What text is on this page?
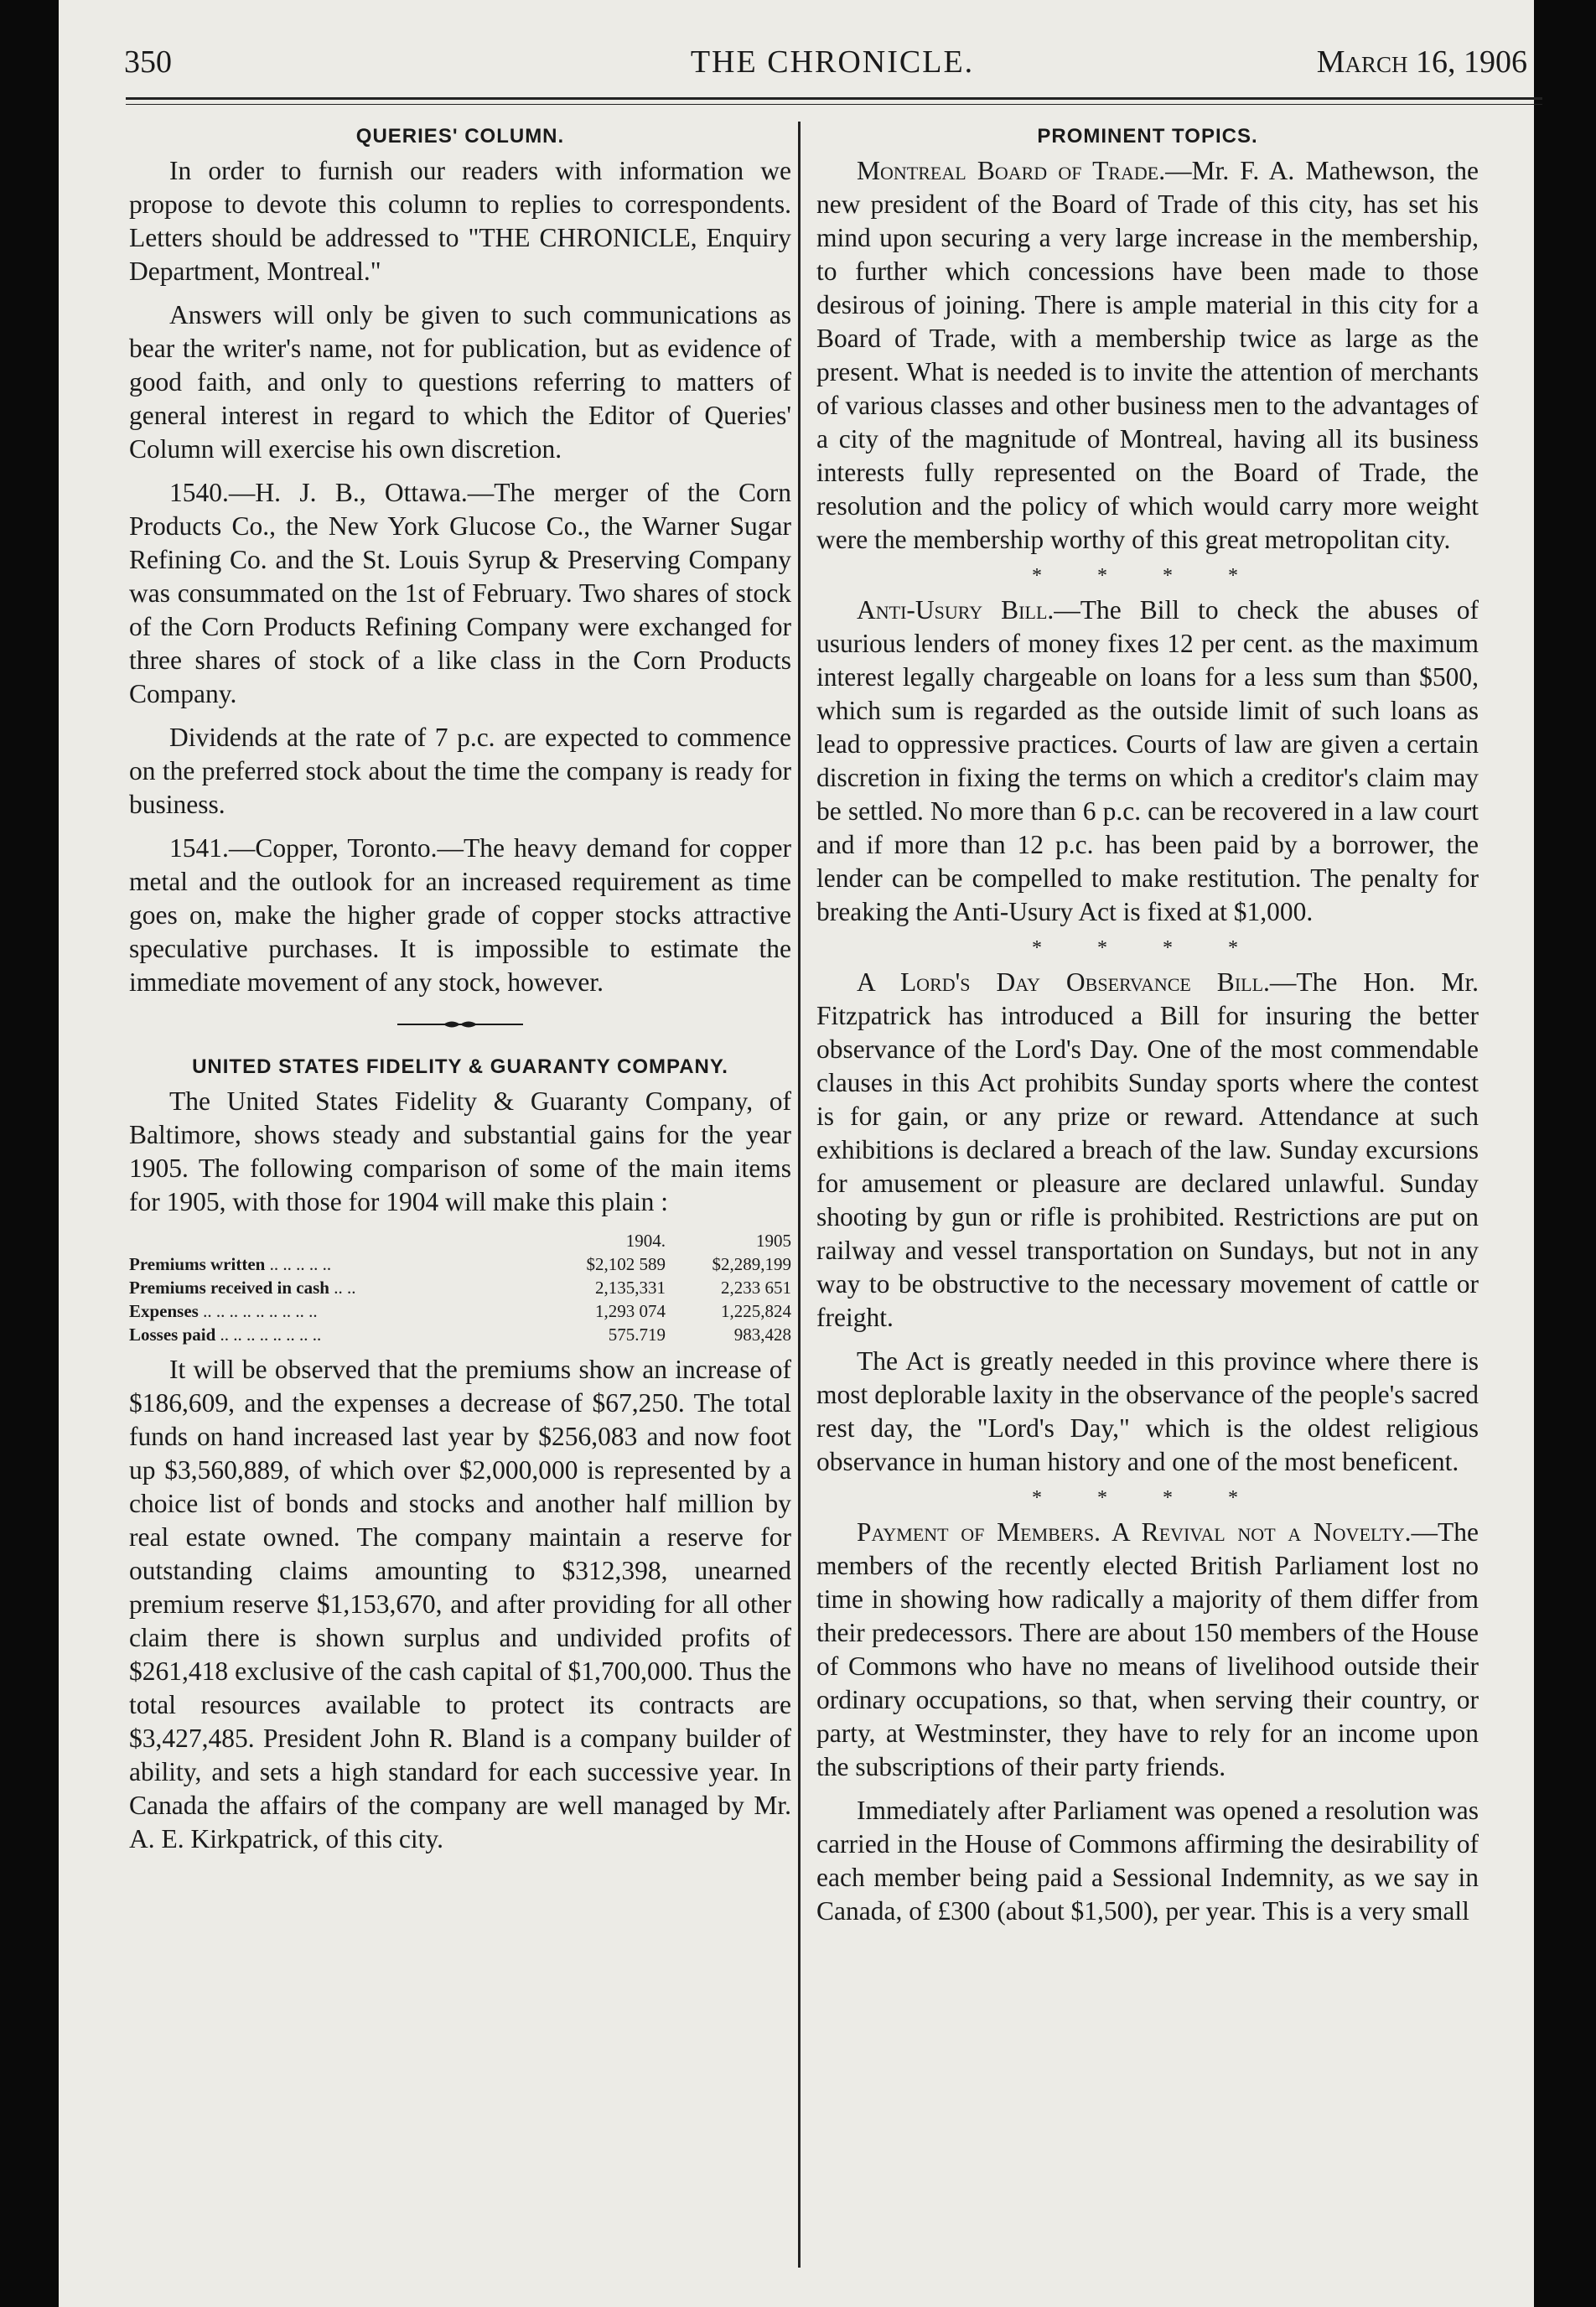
350	THE CHRONICLE.	March 16, 1906
QUERIES' COLUMN.

In order to furnish our readers with information we propose to devote this column to replies to correspondents. Letters should be addressed to "THE CHRONICLE, Enquiry Department, Montreal."

Answers will only be given to such communications as bear the writer's name, not for publication, but as evidence of good faith, and only to questions referring to matters of general interest in regard to which the Editor of Queries' Column will exercise his own discretion.

1540.—H. J. B., Ottawa.—The merger of the Corn Products Co., the New York Glucose Co., the Warner Sugar Refining Co. and the St. Louis Syrup & Preserving Company was consummated on the 1st of February. Two shares of stock of the Corn Products Refining Company were exchanged for three shares of stock of a like class in the Corn Products Company.

Dividends at the rate of 7 p.c. are expected to commence on the preferred stock about the time the company is ready for business.

1541.—Copper, Toronto.—The heavy demand for copper metal and the outlook for an increased requirement as time goes on, make the higher grade of copper stocks attractive speculative purchases. It is impossible to estimate the immediate movement of any stock, however.

UNITED STATES FIDELITY & GUARANTY COMPANY.

The United States Fidelity & Guaranty Company, of Baltimore, shows steady and substantial gains for the year 1905. The following comparison of some of the main items for 1905, with those for 1904 will make this plain :

	1904.	1905
Premiums written .. .. .. .. ..	$2,102 589	$2,289,199
Premiums received in cash .. ..	2,135,331	2,233 651
Expenses .. .. .. .. .. .. .. .. ..	1,293 074	1,225,824
Losses paid .. .. .. .. .. .. .. ..	575.719	983,428

It will be observed that the premiums show an increase of $186,609, and the expenses a decrease of $67,250. The total funds on hand increased last year by $256,083 and now foot up $3,560,889, of which over $2,000,000 is represented by a choice list of bonds and stocks and another half million by real estate owned. The company maintain a reserve for outstanding claims amounting to $312,398, unearned premium reserve $1,153,670, and after providing for all other claim there is shown surplus and undivided profits of $261,418 exclusive of the cash capital of $1,700,000. Thus the total resources available to protect its contracts are $3,427,485. President John R. Bland is a company builder of ability, and sets a high standard for each successive year. In Canada the affairs of the company are well managed by Mr. A. E. Kirkpatrick, of this city.

PROMINENT TOPICS.

Montreal Board of Trade.—Mr. F. A. Mathewson, the new president of the Board of Trade of this city, has set his mind upon securing a very large increase in the membership, to further which concessions have been made to those desirous of joining. There is ample material in this city for a Board of Trade, with a membership twice as large as the present. What is needed is to invite the attention of merchants of various classes and other business men to the advantages of a city of the magnitude of Montreal, having all its business interests fully represented on the Board of Trade, the resolution and the policy of which would carry more weight were the membership worthy of this great metropolitan city.

* * * *

Anti-Usury Bill.—The Bill to check the abuses of usurious lenders of money fixes 12 per cent. as the maximum interest legally chargeable on loans for a less sum than $500, which sum is regarded as the outside limit of such loans as lead to oppressive practices. Courts of law are given a certain discretion in fixing the terms on which a creditor's claim may be settled. No more than 6 p.c. can be recovered in a law court and if more than 12 p.c. has been paid by a borrower, the lender can be compelled to make restitution. The penalty for breaking the Anti-Usury Act is fixed at $1,000.

* * * *

A Lord's Day Observance Bill.—The Hon. Mr. Fitzpatrick has introduced a Bill for insuring the better observance of the Lord's Day. One of the most commendable clauses in this Act prohibits Sunday sports where the contest is for gain, or any prize or reward. Attendance at such exhibitions is declared a breach of the law. Sunday excursions for amusement or pleasure are declared unlawful. Sunday shooting by gun or rifle is prohibited. Restrictions are put on railway and vessel transportation on Sundays, but not in any way to be obstructive to the necessary movement of cattle or freight.

The Act is greatly needed in this province where there is most deplorable laxity in the observance of the people's sacred rest day, the "Lord's Day," which is the oldest religious observance in human history and one of the most beneficent.

* * * *

Payment of Members. A Revival not a Novelty.—The members of the recently elected British Parliament lost no time in showing how radically a majority of them differ from their predecessors. There are about 150 members of the House of Commons who have no means of livelihood outside their ordinary occupations, so that, when serving their country, or party, at Westminster, they have to rely for an income upon the subscriptions of their party friends.

Immediately after Parliament was opened a resolution was carried in the House of Commons affirming the desirability of each member being paid a Sessional Indemnity, as we say in Canada, of £300 (about $1,500), per year. This is a very small
